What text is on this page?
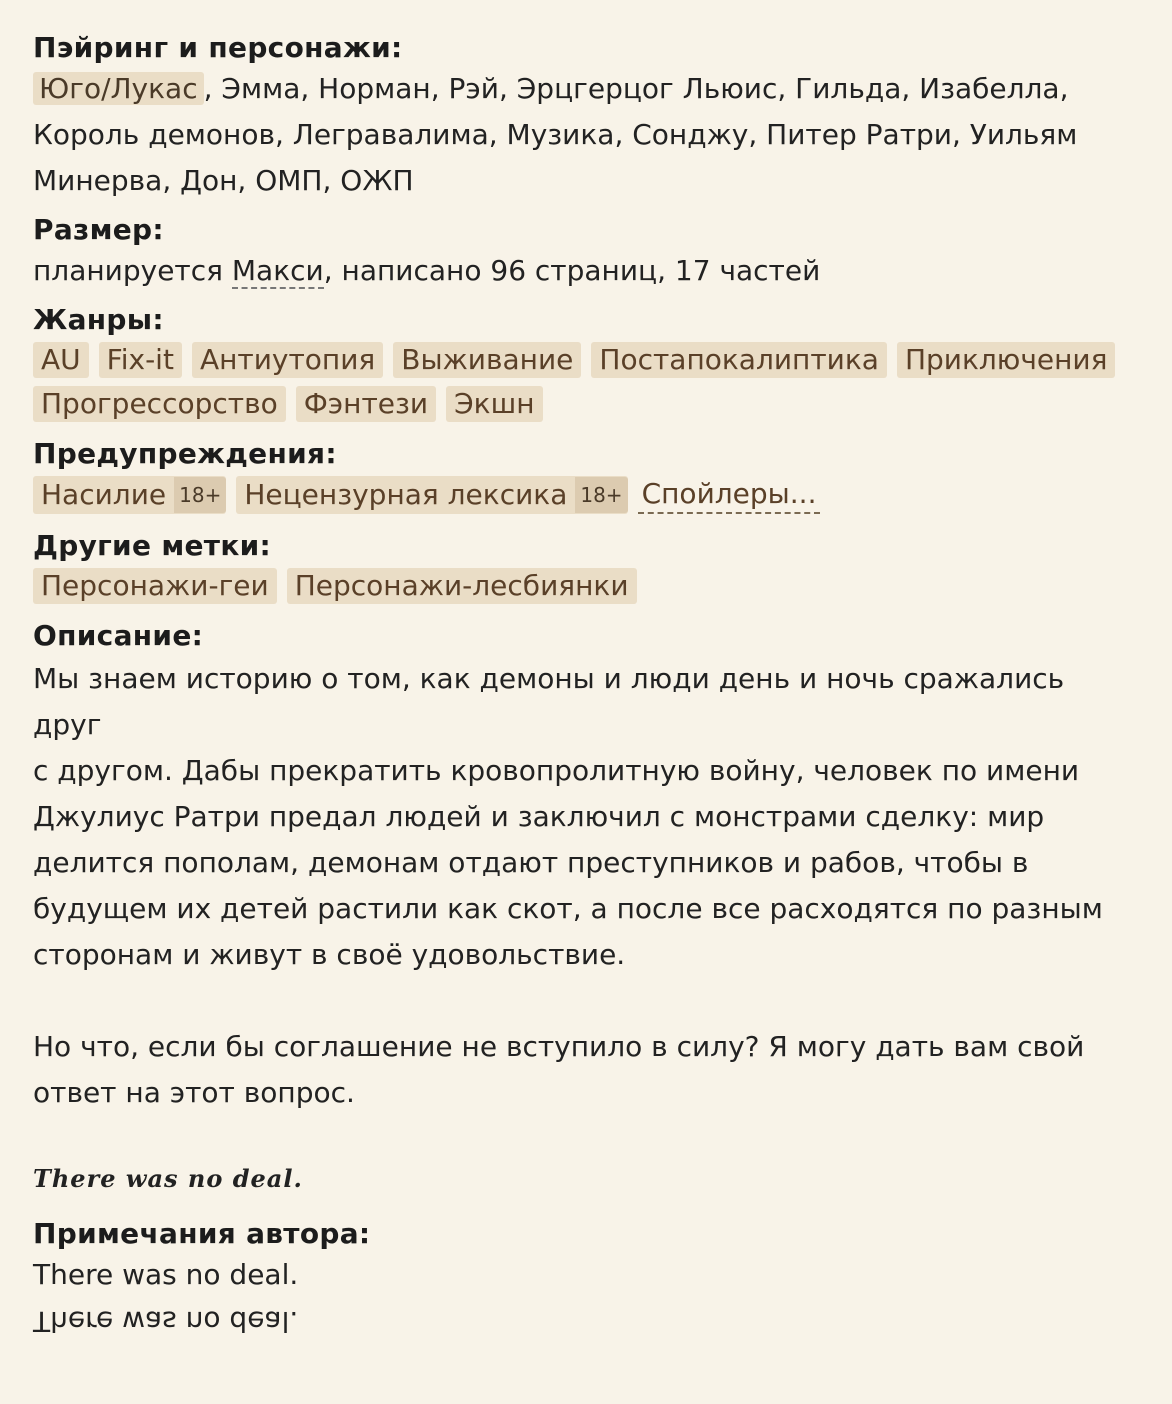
Пэйринг и персонажи:
Юго/Лукас , Эмма, Норман, Рэй, Эрцгерцог Льюис, Гильда, Изабелла,
Король демонов, Легравалима, Музика, Сонджу, Питер Ратри, Уильям
Минерва, Дон, ОМП, ОЖП
Размер:
планируется Макси, написано 96 страниц, 17 частей
Жанры:
AU Fix-it Антиутопия Выживание Постапокалиптика Приключения
Прогрессорство Фэнтези Экшн
Предупреждения:
Насилие 18+ Нецензурная лексика 18+ Спойлеры...
Другие метки:
Персонажи-геи Персонажи-лесбиянки
Описание:

Мы знаем историю о том, как демоны и люди день и ночь сражались друг
с другом. Дабы прекратить кровопролитную войну, человек по имени
Джулиус Ратри предал людей и заключил с монстрами сделку: мир
делится пополам, демонам отдают преступников и рабов, чтобы в
будущем их детей растили как скот, а после все расходятся по разным
сторонам и живут в своё удовольствие.

Но что, если бы соглашение не вступило в силу? Я могу дать вам свой
ответ на этот вопрос.

There was no deal.
Примечания автора:
There was no deal.
There was no deal.
